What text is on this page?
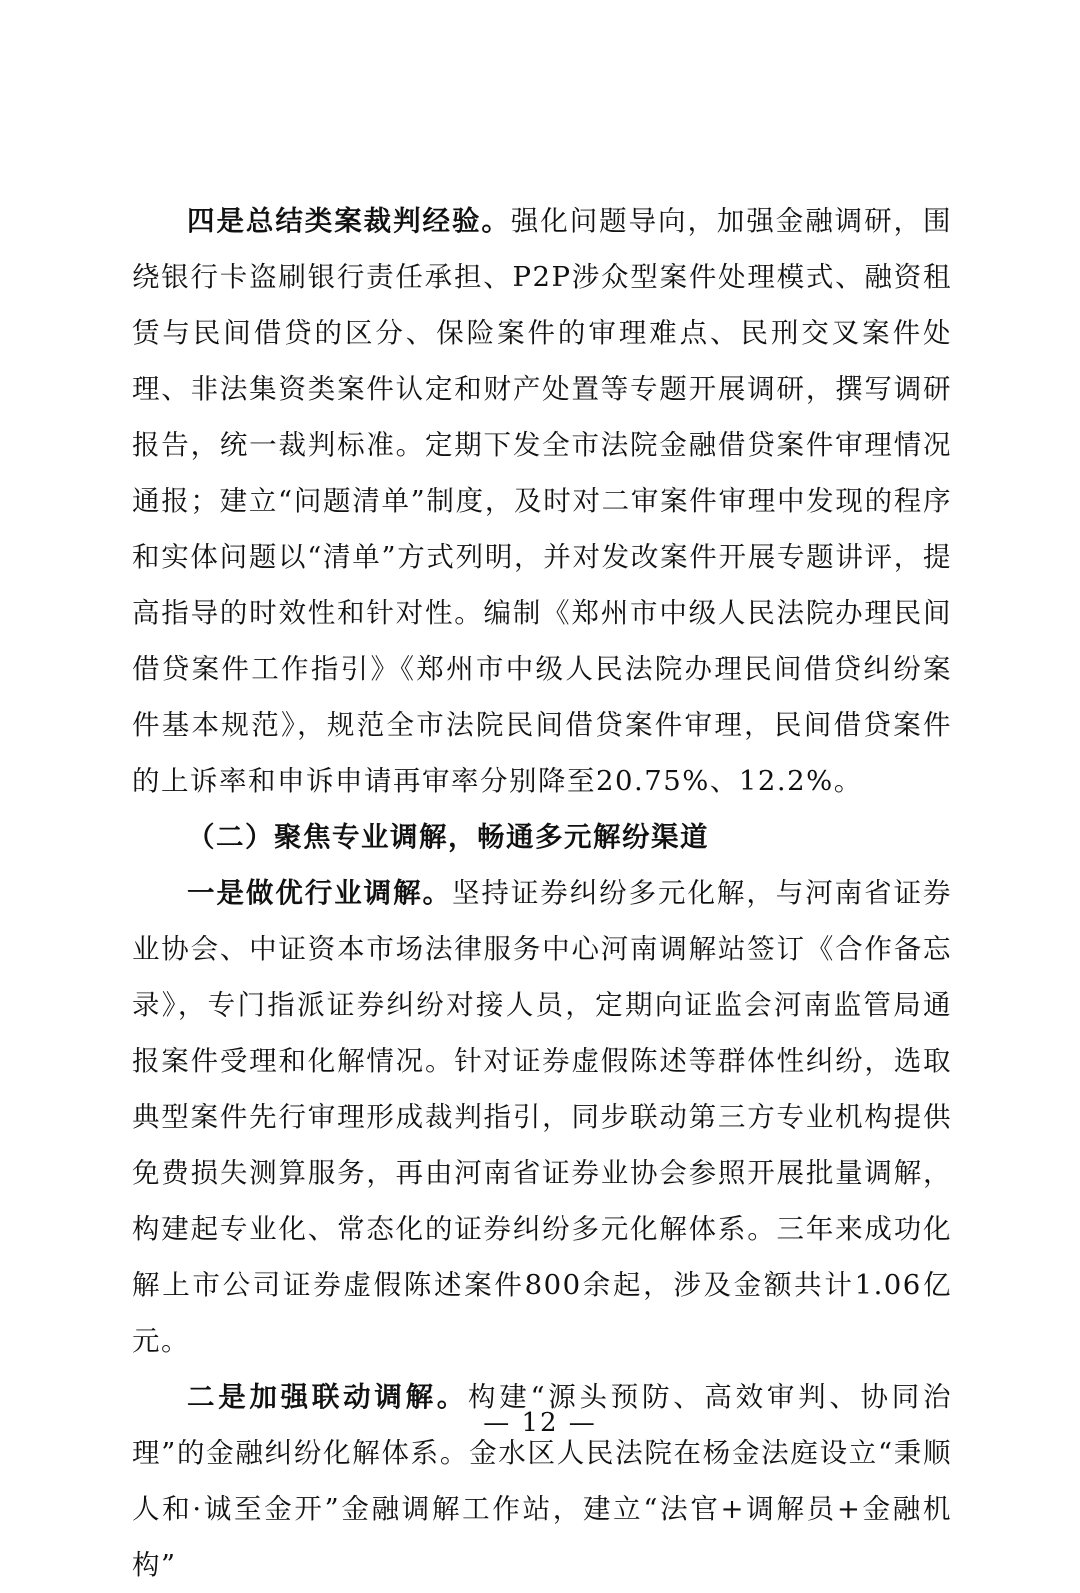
四是总结类案裁判经验。强化问题导向，加强金融调研，围绕银行卡盗刷银行责任承担、P2P涉众型案件处理模式、融资租赁与民间借贷的区分、保险案件的审理难点、民刑交叉案件处理、非法集资类案件认定和财产处置等专题开展调研，撰写调研报告，统一裁判标准。定期下发全市法院金融借贷案件审理情况通报；建立“问题清单”制度，及时对二审案件审理中发现的程序和实体问题以“清单”方式列明，并对发改案件开展专题讲评，提高指导的时效性和针对性。编制《郑州市中级人民法院办理民间借贷案件工作指引》《郑州市中级人民法院办理民间借贷纠纷案件基本规范》，规范全市法院民间借贷案件审理，民间借贷案件的上诉率和申诉申请再审率分别降至20.75%、12.2%。

（二）聚焦专业调解，畅通多元解纷渠道

一是做优行业调解。坚持证券纠纷多元化解，与河南省证券业协会、中证资本市场法律服务中心河南调解站签订《合作备忘录》，专门指派证券纠纷对接人员，定期向证监会河南监管局通报案件受理和化解情况。针对证券虚假陈述等群体性纠纷，选取典型案件先行审理形成裁判指引，同步联动第三方专业机构提供免费损失测算服务，再由河南省证券业协会参照开展批量调解，构建起专业化、常态化的证券纠纷多元化解体系。三年来成功化解上市公司证券虚假陈述案件800余起，涉及金额共计1.06亿元。

二是加强联动调解。构建“源头预防、高效审判、协同治理”的金融纠纷化解体系。金水区人民法院在杨金法庭设立“秉顺人和·诚至金开”金融调解工作站，建立“法官+调解员+金融机构”

— 12 —
